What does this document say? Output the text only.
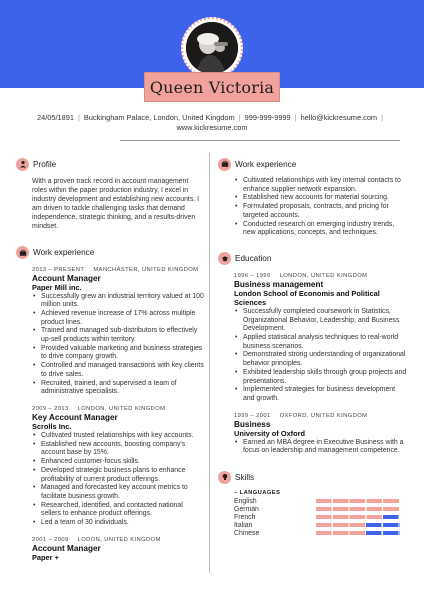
Queen Victoria
24/05/1891 | Buckingham Palace, London, United Kingdom | 999-999-9999 | hello@kickresume.com |
www.kickresume.com
Profile

With a proven track record in account management roles within the paper production industry, I excel in industry development and establishing new accounts. I am driven to tackle challenging tasks that demand independence, strategic thinking, and a results-driven mindset.

Work experience
2013 – PRESENT MANCHASTER, UNITED KINGDOM
Account Manager
Paper Mill inc.
• Successfully grew an industrial territory valued at 100 million units.
• Achieved revenue increase of 17% across multiple product lines.
• Trained and managed sub-distributors to effectively up-sell products within territory.
• Provided valuable marketing and business strategies to drive company growth.
• Controlled and managed transactions with key clients to drive sales.
• Recruited, trained, and supervised a team of administrative specialists.
2009 – 2013 LONDON, UNITED KINGDOM
Key Account Manager
Scrolls Inc.
• Cultivated trusted relationships with key accounts.
• Established new accounts, boosting company's account base by 15%.
• Enhanced customer-focus skills.
• Developed strategic business plans to enhance profitability of current product offerings.
• Managed and forecasted key account metrics to facilitate business growth.
• Researched, identified, and contacted national sellers to enhance product offerings.
• Led a team of 30 individuals.
2001 – 2009 LODON, UNITED KINGDOM
Account Manager
Paper +
Work experience
• Cultivated relationships with key internal contacts to enhance supplier network expansion.
• Established new accounts for material sourcing.
• Formulated proposals, contracts, and pricing for targeted accounts.
• Conducted research on emerging industry trends, new applications, concepts, and techniques.
Education
1996 – 1999 LONDON, UNITED KINGDOM
Business management
London School of Economis and Political Sciences
• Successfully completed coursework in Statistics, Organizational Behavior, Leadership, and Business Development.
• Applied statistical analysis techniques to real-world business scenarios.
• Demonstrated strong understanding of organizational behavior principles.
• Exhibited leadership skills through group projects and presentations.
• Implemented strategies for business development and growth.
1999 – 2001 OXFORD, UNITED KINGDOM
Business
University of Oxford
• Earned an MBA degree in Executive Business with a focus on leadership and management competence.
Skills
– LANGUAGES
English
German
French
Italian
Chinese
